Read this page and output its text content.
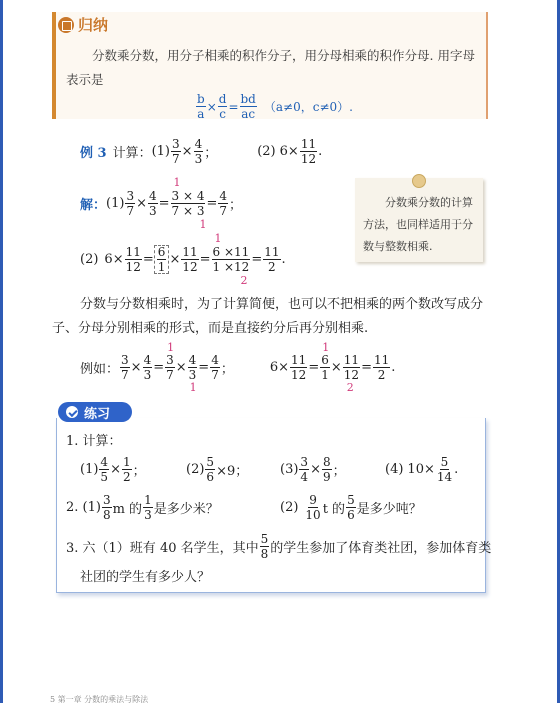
归纳
分数乘分数，用分子相乘的积作分子，用分母相乘的积作分母. 用字母表示是
$\frac{b}{a} \times \frac{d}{c} = \frac{bd}{ac} (a\ne 0$，c≠0）.
例 3 计算： $(1) \frac{3}{7} \times \frac{4}{3}$ ；	(2) $6 \times \frac{11}{12}$ .
解： $(1) \frac{3}{7} \times \frac{4}{3}$ =
1
$\frac{3 \times 4}{7 \times 3}$
1
= $\frac{4}{7}$ ；
(2) $6 \times \frac{11}{12} = \frac{6}{1} \times \frac{11}{12}$ =
1
$\frac{6 \times 11}{1 \times 12}$
2
= $\frac{11}{2}$ .
分数乘分数的计算方法，也同样适用于分数与整数相乘.
分数与分数相乘时，为了计算简便，也可以不把相乘的两个数改写成分子、分母分别相乘的形式，而是直接约分后再分别相乘.
例如： $\frac{3}{7} \times \frac{4}{3}$ =
1
$\frac{3}{7} \times \frac{4}{3}$
1
= $\frac{4}{7}$ ；	$6 \times \frac{11}{12}$ =
1
$\frac{6}{1} \times \frac{11}{12}$
2
= $\frac{11}{2}$ .
练习
1. 计算：
$(1) \frac{4}{5} \times \frac{1}{2}$ ；	$(2) \frac{5}{6} \times 9$； $(3) \frac{3}{4} \times \frac{8}{9}$ ；	(4) $10\times \frac{5}{14}$ .
2. $(1) \frac{3}{8}$ m 的 $\frac{1}{3}$ 是多少米？	$(2) \frac{9}{10}$ t 的 $\frac{5}{6}$ 是多少吨？
3. 六（1）班有 40 名学生，其中 $\frac{5}{8}$ 的学生参加了体育类社团，参加体育类
社团的学生有多少人？
5 第一章 分数的乘法与除法
